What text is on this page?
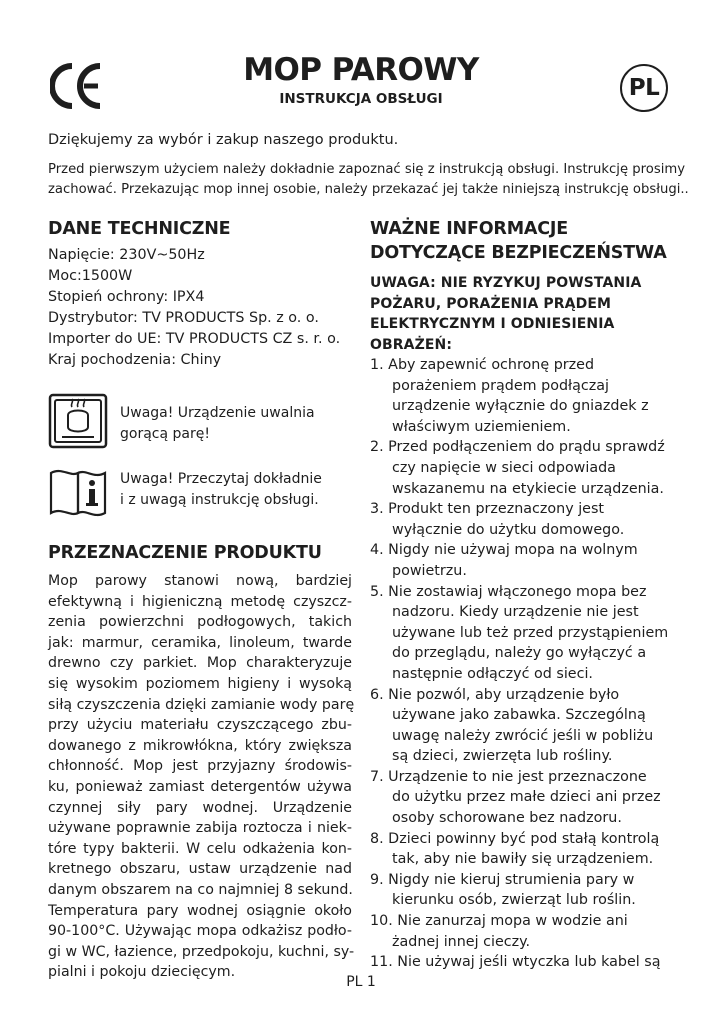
MOP PAROWY

INSTRUKCJA OBSŁUGI	PL

Dziękujemy za wybór i zakup naszego produktu.

Przed pierwszym użyciem należy dokładnie zapoznać się z instrukcją obsługi. Instrukcję prosimy
zachować. Przekazując mop innej osobie, należy przekazać jej także niniejszą instrukcję obsługi..

DANE TECHNICZNE
Napięcie: 230V~50Hz
Moc:1500W
Stopień ochrony: IPX4
Dystrybutor: TV PRODUCTS Sp. z o. o.
Importer do UE: TV PRODUCTS CZ s. r. o.
Kraj pochodzenia: Chiny
Uwaga! Urządzenie uwalnia
gorącą parę!
Uwaga! Przeczytaj dokładnie
i z uwagą instrukcję obsługi.
PRZEZNACZENIE PRODUKTU

Mop parowy stanowi nową, bardziej
efektywną i higieniczną metodę czyszcz-
zenia powierzchni podłogowych, takich
jak: marmur, ceramika, linoleum, twarde
drewno czy parkiet. Mop charakteryzuje
się wysokim poziomem higieny i wysoką
siłą czyszczenia dzięki zamianie wody parę
przy użyciu materiału czyszczącego zbu-
dowanego z mikrowłókna, który zwiększa
chłonność. Mop jest przyjazny środowis-
ku, ponieważ zamiast detergentów używa
czynnej siły pary wodnej. Urządzenie
używane poprawnie zabija roztocza i niek-
tóre typy bakterii. W celu odkażenia kon-
kretnego obszaru, ustaw urządzenie nad
danym obszarem na co najmniej 8 sekund.
Temperatura pary wodnej osiągnie około
90-100°C. Używając mopa odkażisz podło-
gi w WC, łazience, przedpokoju, kuchni, sy-
pialni i pokoju dziecięcym.

WAŻNE INFORMACJE
DOTYCZĄCE BEZPIECZEŃSTWA

UWAGA: NIE RYZYKUJ POWSTANIA
POŻARU, PORAŻENIA PRĄDEM
ELEKTRYCZNYM I ODNIESIENIA
OBRAŻEŃ:

1. Aby zapewnić ochronę przed
porażeniem prądem podłączaj
urządzenie wyłącznie do gniazdek z
właściwym uziemieniem.
2. Przed podłączeniem do prądu sprawdź
czy napięcie w sieci odpowiada
wskazanemu na etykiecie urządzenia.
3. Produkt ten przeznaczony jest
wyłącznie do użytku domowego.
4. Nigdy nie używaj mopa na wolnym
powietrzu.
5. Nie zostawiaj włączonego mopa bez
nadzoru. Kiedy urządzenie nie jest
używane lub też przed przystąpieniem
do przeglądu, należy go wyłączyć a
następnie odłączyć od sieci.
6. Nie pozwól, aby urządzenie było
używane jako zabawka. Szczególną
uwagę należy zwrócić jeśli w pobliżu
są dzieci, zwierzęta lub rośliny.
7. Urządzenie to nie jest przeznaczone
do użytku przez małe dzieci ani przez
osoby schorowane bez nadzoru.
8. Dzieci powinny być pod stałą kontrolą
tak, aby nie bawiły się urządzeniem.
9. Nigdy nie kieruj strumienia pary w
kierunku osób, zwierząt lub roślin.
10. Nie zanurzaj mopa w wodzie ani
żadnej innej cieczy.
11. Nie używaj jeśli wtyczka lub kabel są

PL 1
